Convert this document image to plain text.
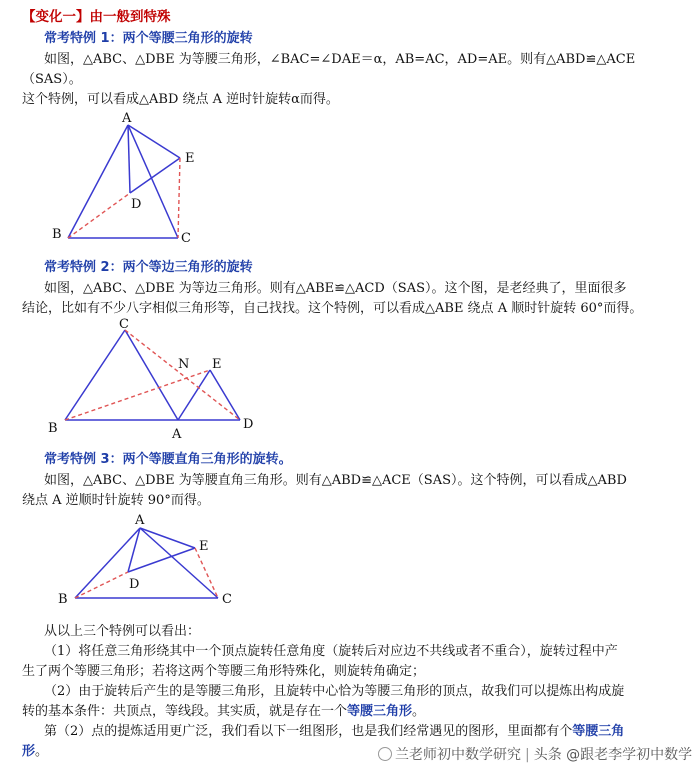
【变化一】由一般到特殊
常考特例 1：两个等腰三角形的旋转
如图，△ABC、△DBE 为等腰三角形，∠BAC=∠DAE＝α，AB=AC，AD=AE。则有△ABD≌△ACE
（SAS）。
这个特例，可以看成△ABD 绕点 A 逆时针旋转α而得。
A
B	C
D
E
常考特例 2：两个等边三角形的旋转
如图，△ABC、△DBE 为等边三角形。则有△ABE≌△ACD（SAS）。这个图，是老经典了，里面很多
结论，比如有不少八字相似三角形等，自己找找。这个特例，可以看成△ABE 绕点 A 顺时针旋转 60°而得。
C
B	A
E
D
N
常考特例 3：两个等腰直角三角形的旋转。
如图，△ABC、△DBE 为等腰直角三角形。则有△ABD≌△ACE（SAS）。这个特例，可以看成△ABD
绕点 A 逆顺时针旋转 90°而得。
A
B	C
D
E
从以上三个特例可以看出：
（1）将任意三角形绕其中一个顶点旋转任意角度（旋转后对应边不共线或者不重合），旋转过程中产
生了两个等腰三角形；若将这两个等腰三角形特殊化，则旋转角确定；
（2）由于旋转后产生的是等腰三角形，且旋转中心恰为等腰三角形的顶点，故我们可以提炼出构成旋
转的基本条件：共顶点，等线段。其实质，就是存在一个等腰三角形。
第（2）点的提炼适用更广泛，我们看以下一组图形，也是我们经常遇见的图形，里面都有个等腰三角
形。	兰老师初中数学研究 | 头条 @跟老李学初中数学
